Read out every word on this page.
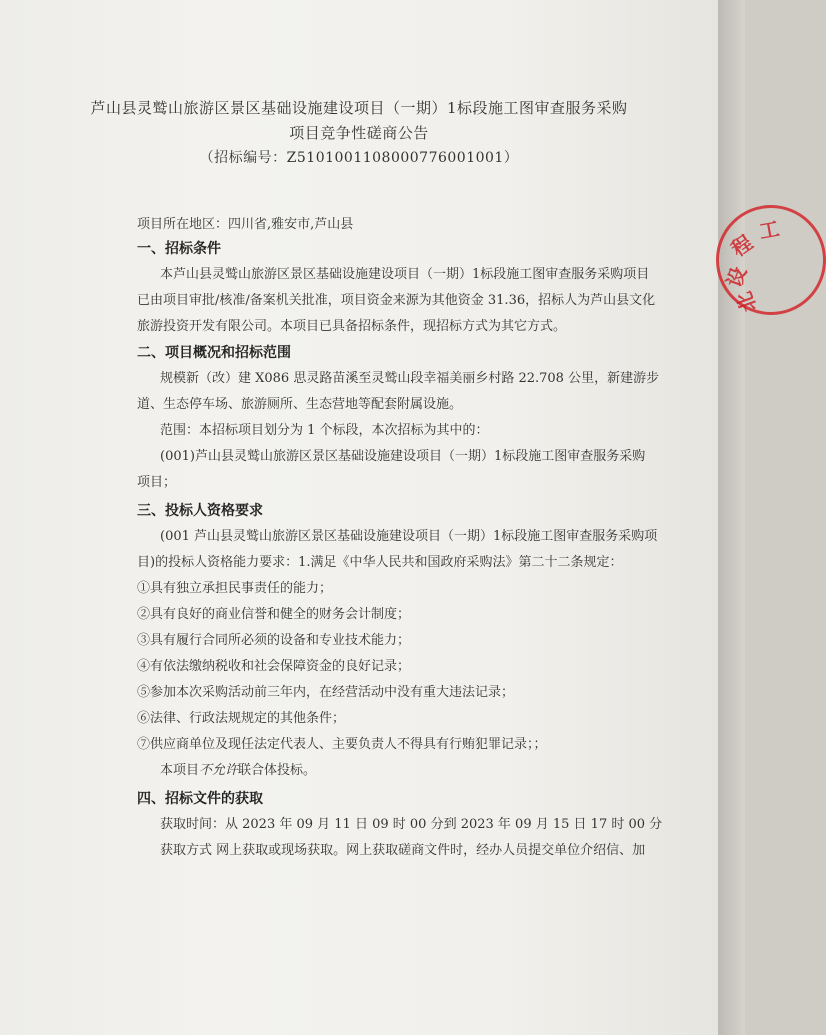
芦山县灵鹫山旅游区景区基础设施建设项目（一期）1标段施工图审查服务采购
项目竞争性磋商公告
（招标编号：Z5101001108000776001001）
项目所在地区：四川省,雅安市,芦山县
一、招标条件
本芦山县灵鹫山旅游区景区基础设施建设项目（一期）1标段施工图审查服务采购项目
已由项目审批/核准/备案机关批准，项目资金来源为其他资金 31.36，招标人为芦山县文化
旅游投资开发有限公司。本项目已具备招标条件，现招标方式为其它方式。
二、项目概况和招标范围
规模新（改）建 X086 思灵路苗溪至灵鹫山段幸福美丽乡村路 22.708 公里，新建游步
道、生态停车场、旅游厕所、生态营地等配套附属设施。
范围：本招标项目划分为 1 个标段，本次招标为其中的：
(001)芦山县灵鹫山旅游区景区基础设施建设项目（一期）1标段施工图审查服务采购
项目；
三、投标人资格要求
(001 芦山县灵鹫山旅游区景区基础设施建设项目（一期）1标段施工图审查服务采购项
目)的投标人资格能力要求：1.满足《中华人民共和国政府采购法》第二十二条规定：
①具有独立承担民事责任的能力；
②具有良好的商业信誉和健全的财务会计制度；
③具有履行合同所必须的设备和专业技术能力；
④有依法缴纳税收和社会保障资金的良好记录；
⑤参加本次采购活动前三年内，在经营活动中没有重大违法记录；
⑥法律、行政法规规定的其他条件；
⑦供应商单位及现任法定代表人、主要负责人不得具有行贿犯罪记录；；
本项目不允许联合体投标。
四、招标文件的获取
获取时间：从 2023 年 09 月 11 日 09 时 00 分到 2023 年 09 月 15 日 17 时 00 分
获取方式 网上获取或现场获取。网上获取磋商文件时，经办人员提交单位介绍信、加
工
程
设
北
